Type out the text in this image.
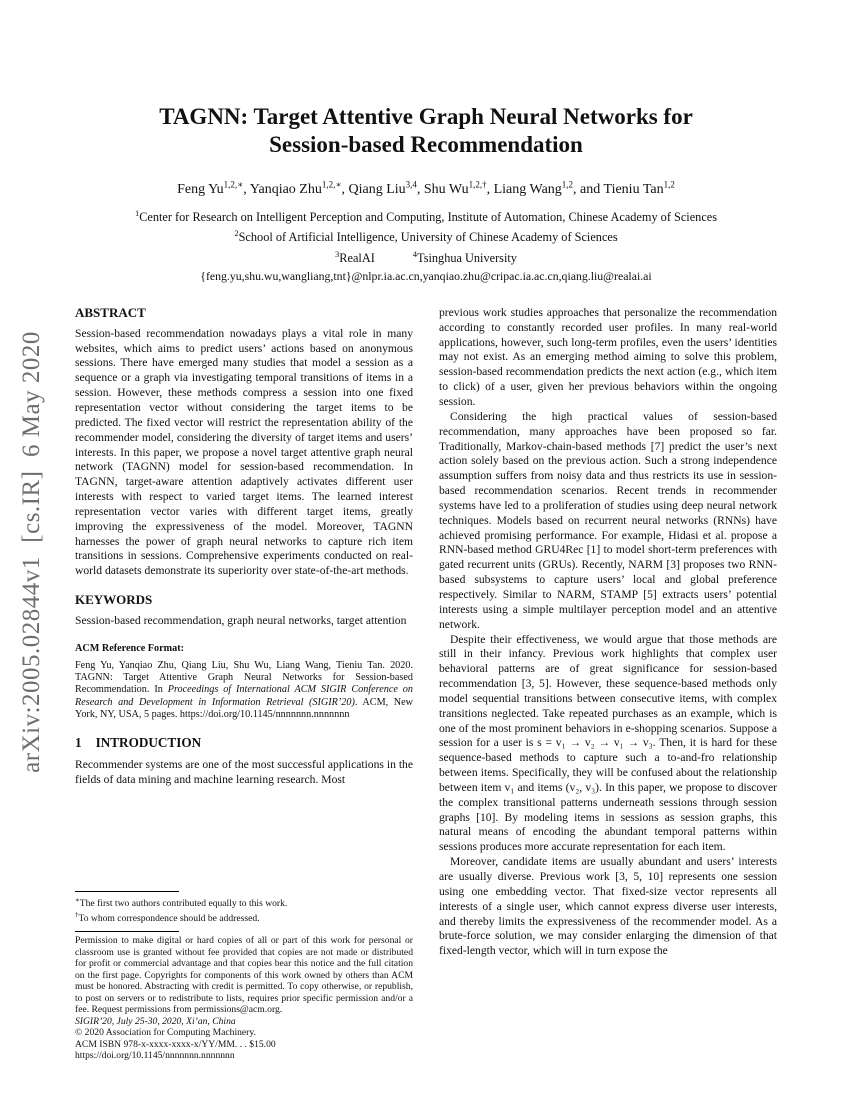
arXiv:2005.02844v1  [cs.IR]  6 May 2020
TAGNN: Target Attentive Graph Neural Networks for
Session-based Recommendation
Feng $Yu^{1,2,∗}$, Yanqiao Zhu$^{1,2,∗}$, Qiang Liu$^{3,4}$, Shu $Wu^{1,2,\dagger}$, Liang Wang$^{1,2}$, and Tieniu Tan$^{1,2}$
$^1$Center for Research on Intelligent Perception and Computing, Institute of Automation, Chinese Academy of Sciences
$^2$School of Artificial Intelligence, University of Chinese Academy of Sciences
$^3$RealAI	$^4$Tsinghua University
{feng.yu,shu.wu,wangliang,tnt}@nlpr.ia.ac.cn,yanqiao.zhu@cripac.ia.ac.cn,qiang.liu@realai.ai
ABSTRACT

Session-based recommendation nowadays plays a vital role in many websites, which aims to predict users’ actions based on anonymous sessions. There have emerged many studies that model a session as a sequence or a graph via investigating temporal transitions of items in a session. However, these methods compress a session into one fixed representation vector without considering the target items to be predicted. The fixed vector will restrict the representation ability of the recommender model, considering the diversity of target items and users’ interests. In this paper, we propose a novel target attentive graph neural network (TAGNN) model for session-based recommendation. In TAGNN, target-aware attention adaptively activates different user interests with respect to varied target items. The learned interest representation vector varies with different target items, greatly improving the expressiveness of the model. Moreover, TAGNN harnesses the power of graph neural networks to capture rich item transitions in sessions. Comprehensive experiments conducted on real-world datasets demonstrate its superiority over state-of-the-art methods.

KEYWORDS

Session-based recommendation, graph neural networks, target attention

ACM Reference Format:

Feng Yu, Yanqiao Zhu, Qiang Liu, Shu Wu, Liang Wang, Tieniu Tan. 2020. TAGNN: Target Attentive Graph Neural Networks for Session-based Recommendation. In Proceedings of International ACM SIGIR Conference on Research and Development in Information Retrieval (SIGIR’20). ACM, New York, NY, USA, 5 pages. https://doi.org/10.1145/nnnnnnn.nnnnnnn

1 INTRODUCTION

Recommender systems are one of the most successful applications in the fields of data mining and machine learning research. Most

∗The first two authors contributed equally to this work.

†To whom correspondence should be addressed.

Permission to make digital or hard copies of all or part of this work for personal or classroom use is granted without fee provided that copies are not made or distributed for profit or commercial advantage and that copies bear this notice and the full citation on the first page. Copyrights for components of this work owned by others than ACM must be honored. Abstracting with credit is permitted. To copy otherwise, or republish, to post on servers or to redistribute to lists, requires prior specific permission and/or a fee. Request permissions from permissions@acm.org.

SIGIR’20, July 25-30, 2020, Xi’an, China

© 2020 Association for Computing Machinery.

ACM ISBN 978-x-xxxx-xxxx-x/YY/MM. . . $15.00

https://doi.org/10.1145/nnnnnnn.nnnnnnn

previous work studies approaches that personalize the recommendation according to constantly recorded user profiles. In many real-world applications, however, such long-term profiles, even the users’ identities may not exist. As an emerging method aiming to solve this problem, session-based recommendation predicts the next action (e.g., which item to click) of a user, given her previous behaviors within the ongoing session.

Considering the high practical values of session-based recommendation, many approaches have been proposed so far. Traditionally, Markov-chain-based methods [7] predict the user’s next action solely based on the previous action. Such a strong independence assumption suffers from noisy data and thus restricts its use in session-based recommendation scenarios. Recent trends in recommender systems have led to a proliferation of studies using deep neural network techniques. Models based on recurrent neural networks (RNNs) have achieved promising performance. For example, Hidasi et al. propose a RNN-based method GRU4Rec [1] to model short-term preferences with gated recurrent units (GRUs). Recently, NARM [3] proposes two RNN-based subsystems to capture users’ local and global preference respectively. Similar to NARM, STAMP [5] extracts users’ potential interests using a simple multilayer perception model and an attentive network.

Despite their effectiveness, we would argue that those methods are still in their infancy. Previous work highlights that complex user behavioral patterns are of great significance for session-based recommendation [3, 5]. However, these sequence-based methods only model sequential transitions between consecutive items, with complex transitions neglected. Take repeated purchases as an example, which is one of the most prominent behaviors in e-shopping scenarios. Suppose a session for a user is s = v₁ → v₂ → v₁ → v₃. Then, it is hard for these sequence-based methods to capture such a to-and-fro relationship between items. Specifically, they will be confused about the relationship between item v₁ and items (v₂, v₃). In this paper, we propose to discover the complex transitional patterns underneath sessions through session graphs [10]. By modeling items in sessions as session graphs, this natural means of encoding the abundant temporal patterns within sessions produces more accurate representation for each item.

Moreover, candidate items are usually abundant and users’ interests are usually diverse. Previous work [3, 5, 10] represents one session using one embedding vector. That fixed-size vector represents all interests of a single user, which cannot express diverse user interests, and thereby limits the expressiveness of the recommender model. As a brute-force solution, we may consider enlarging the dimension of that fixed-length vector, which will in turn expose the
